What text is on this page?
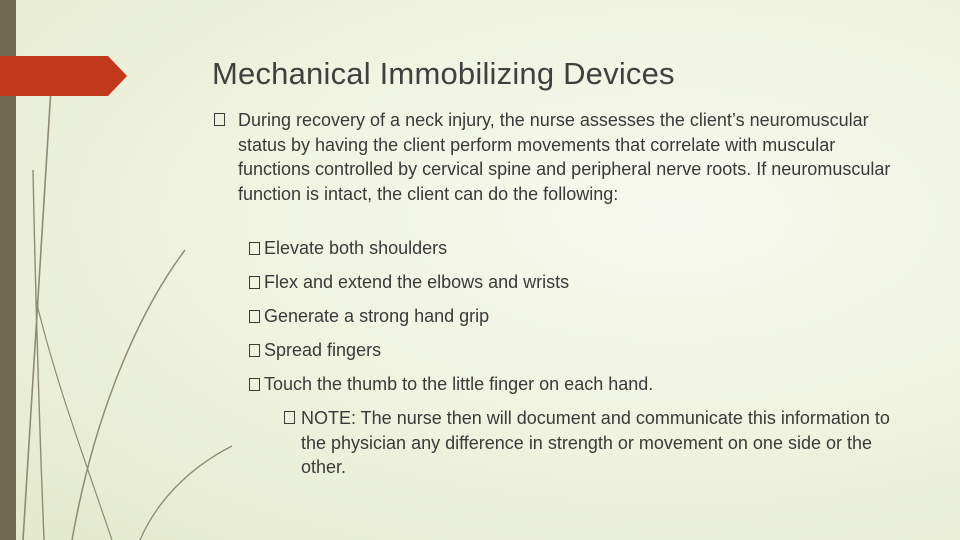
Mechanical Immobilizing Devices
During recovery of a neck injury, the nurse assesses the client’s neuromuscular status by having the client perform movements that correlate with muscular functions controlled by cervical spine and peripheral nerve roots. If neuromuscular function is intact, the client can do the following:
Elevate both shoulders
Flex and extend the elbows and wrists
Generate a strong hand grip
Spread fingers
Touch the thumb to the little finger on each hand.
NOTE: The nurse then will document and communicate this information to the physician any difference in strength or movement on one side or the other.
